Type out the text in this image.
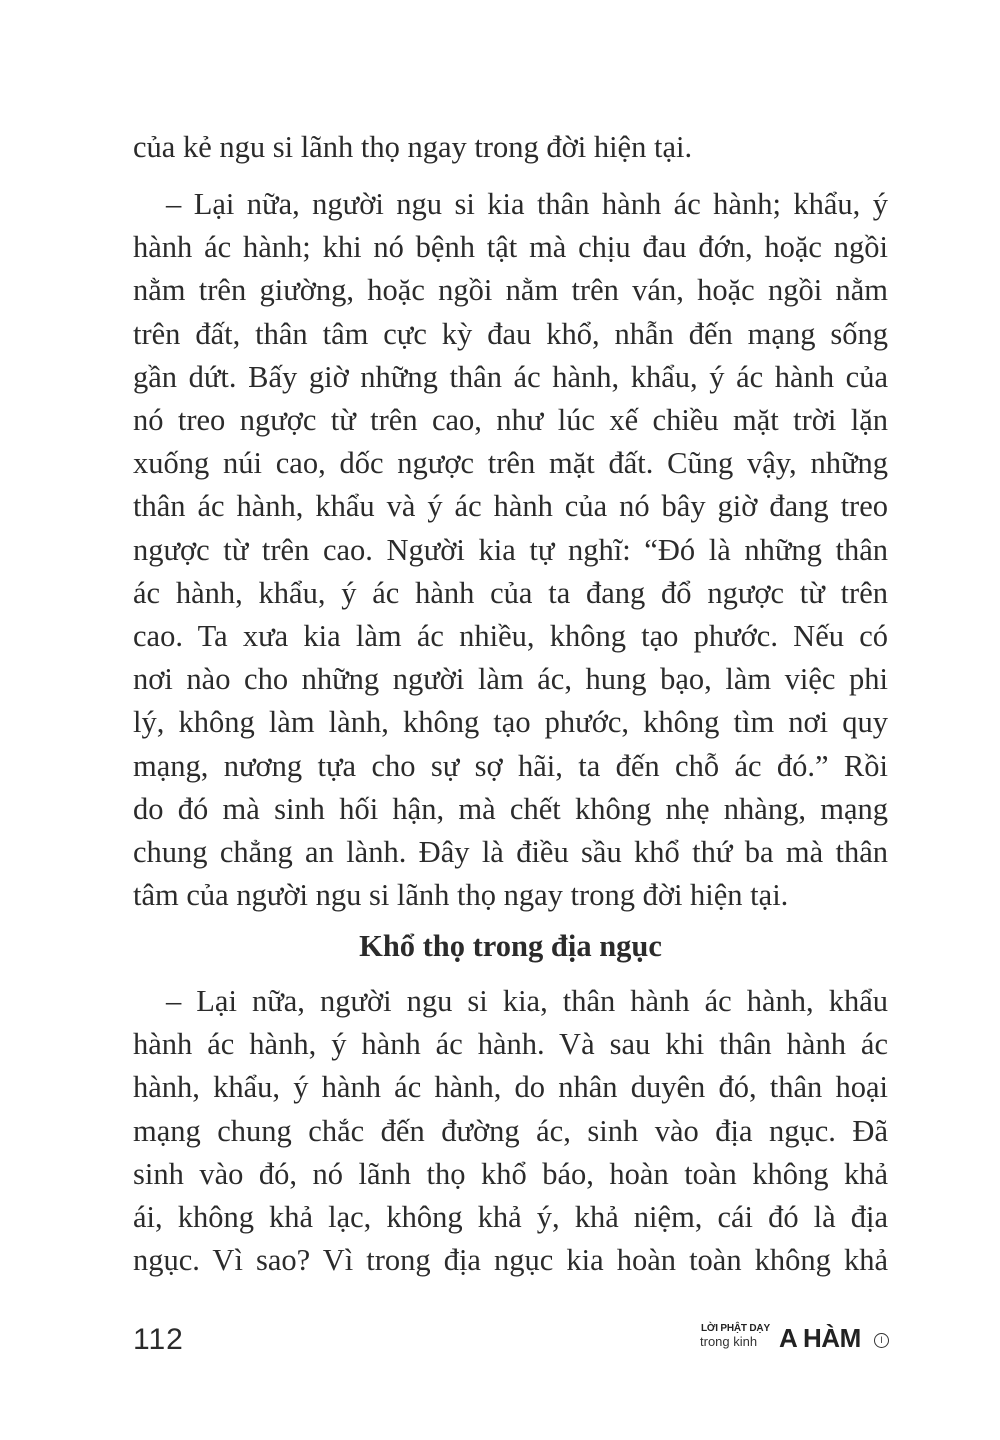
của kẻ ngu si lãnh thọ ngay trong đời hiện tại.
– Lại nữa, người ngu si kia thân hành ác hành; khẩu, ý
hành ác hành; khi nó bệnh tật mà chịu đau đớn, hoặc ngồi
nằm trên giường, hoặc ngồi nằm trên ván, hoặc ngồi nằm
trên đất, thân tâm cực kỳ đau khổ, nhẫn đến mạng sống
gần dứt. Bấy giờ những thân ác hành, khẩu, ý ác hành của
nó treo ngược từ trên cao, như lúc xế chiều mặt trời lặn
xuống núi cao, dốc ngược trên mặt đất. Cũng vậy, những
thân ác hành, khẩu và ý ác hành của nó bây giờ đang treo
ngược từ trên cao. Người kia tự nghĩ: “Đó là những thân
ác hành, khẩu, ý ác hành của ta đang đổ ngược từ trên
cao. Ta xưa kia làm ác nhiều, không tạo phước. Nếu có
nơi nào cho những người làm ác, hung bạo, làm việc phi
lý, không làm lành, không tạo phước, không tìm nơi quy
mạng, nương tựa cho sự sợ hãi, ta đến chỗ ác đó.” Rồi
do đó mà sinh hối hận, mà chết không nhẹ nhàng, mạng
chung chẳng an lành. Đây là điều sầu khổ thứ ba mà thân
tâm của người ngu si lãnh thọ ngay trong đời hiện tại.
Khổ thọ trong địa ngục
– Lại nữa, người ngu si kia, thân hành ác hành, khẩu
hành ác hành, ý hành ác hành. Và sau khi thân hành ác
hành, khẩu, ý hành ác hành, do nhân duyên đó, thân hoại
mạng chung chắc đến đường ác, sinh vào địa ngục. Đã
sinh vào đó, nó lãnh thọ khổ báo, hoàn toàn không khả
ái, không khả lạc, không khả ý, khả niệm, cái đó là địa
ngục. Vì sao? Vì trong địa ngục kia hoàn toàn không khả
112	LỜI PHẬT DẠY
trong kinh A HÀM	I
